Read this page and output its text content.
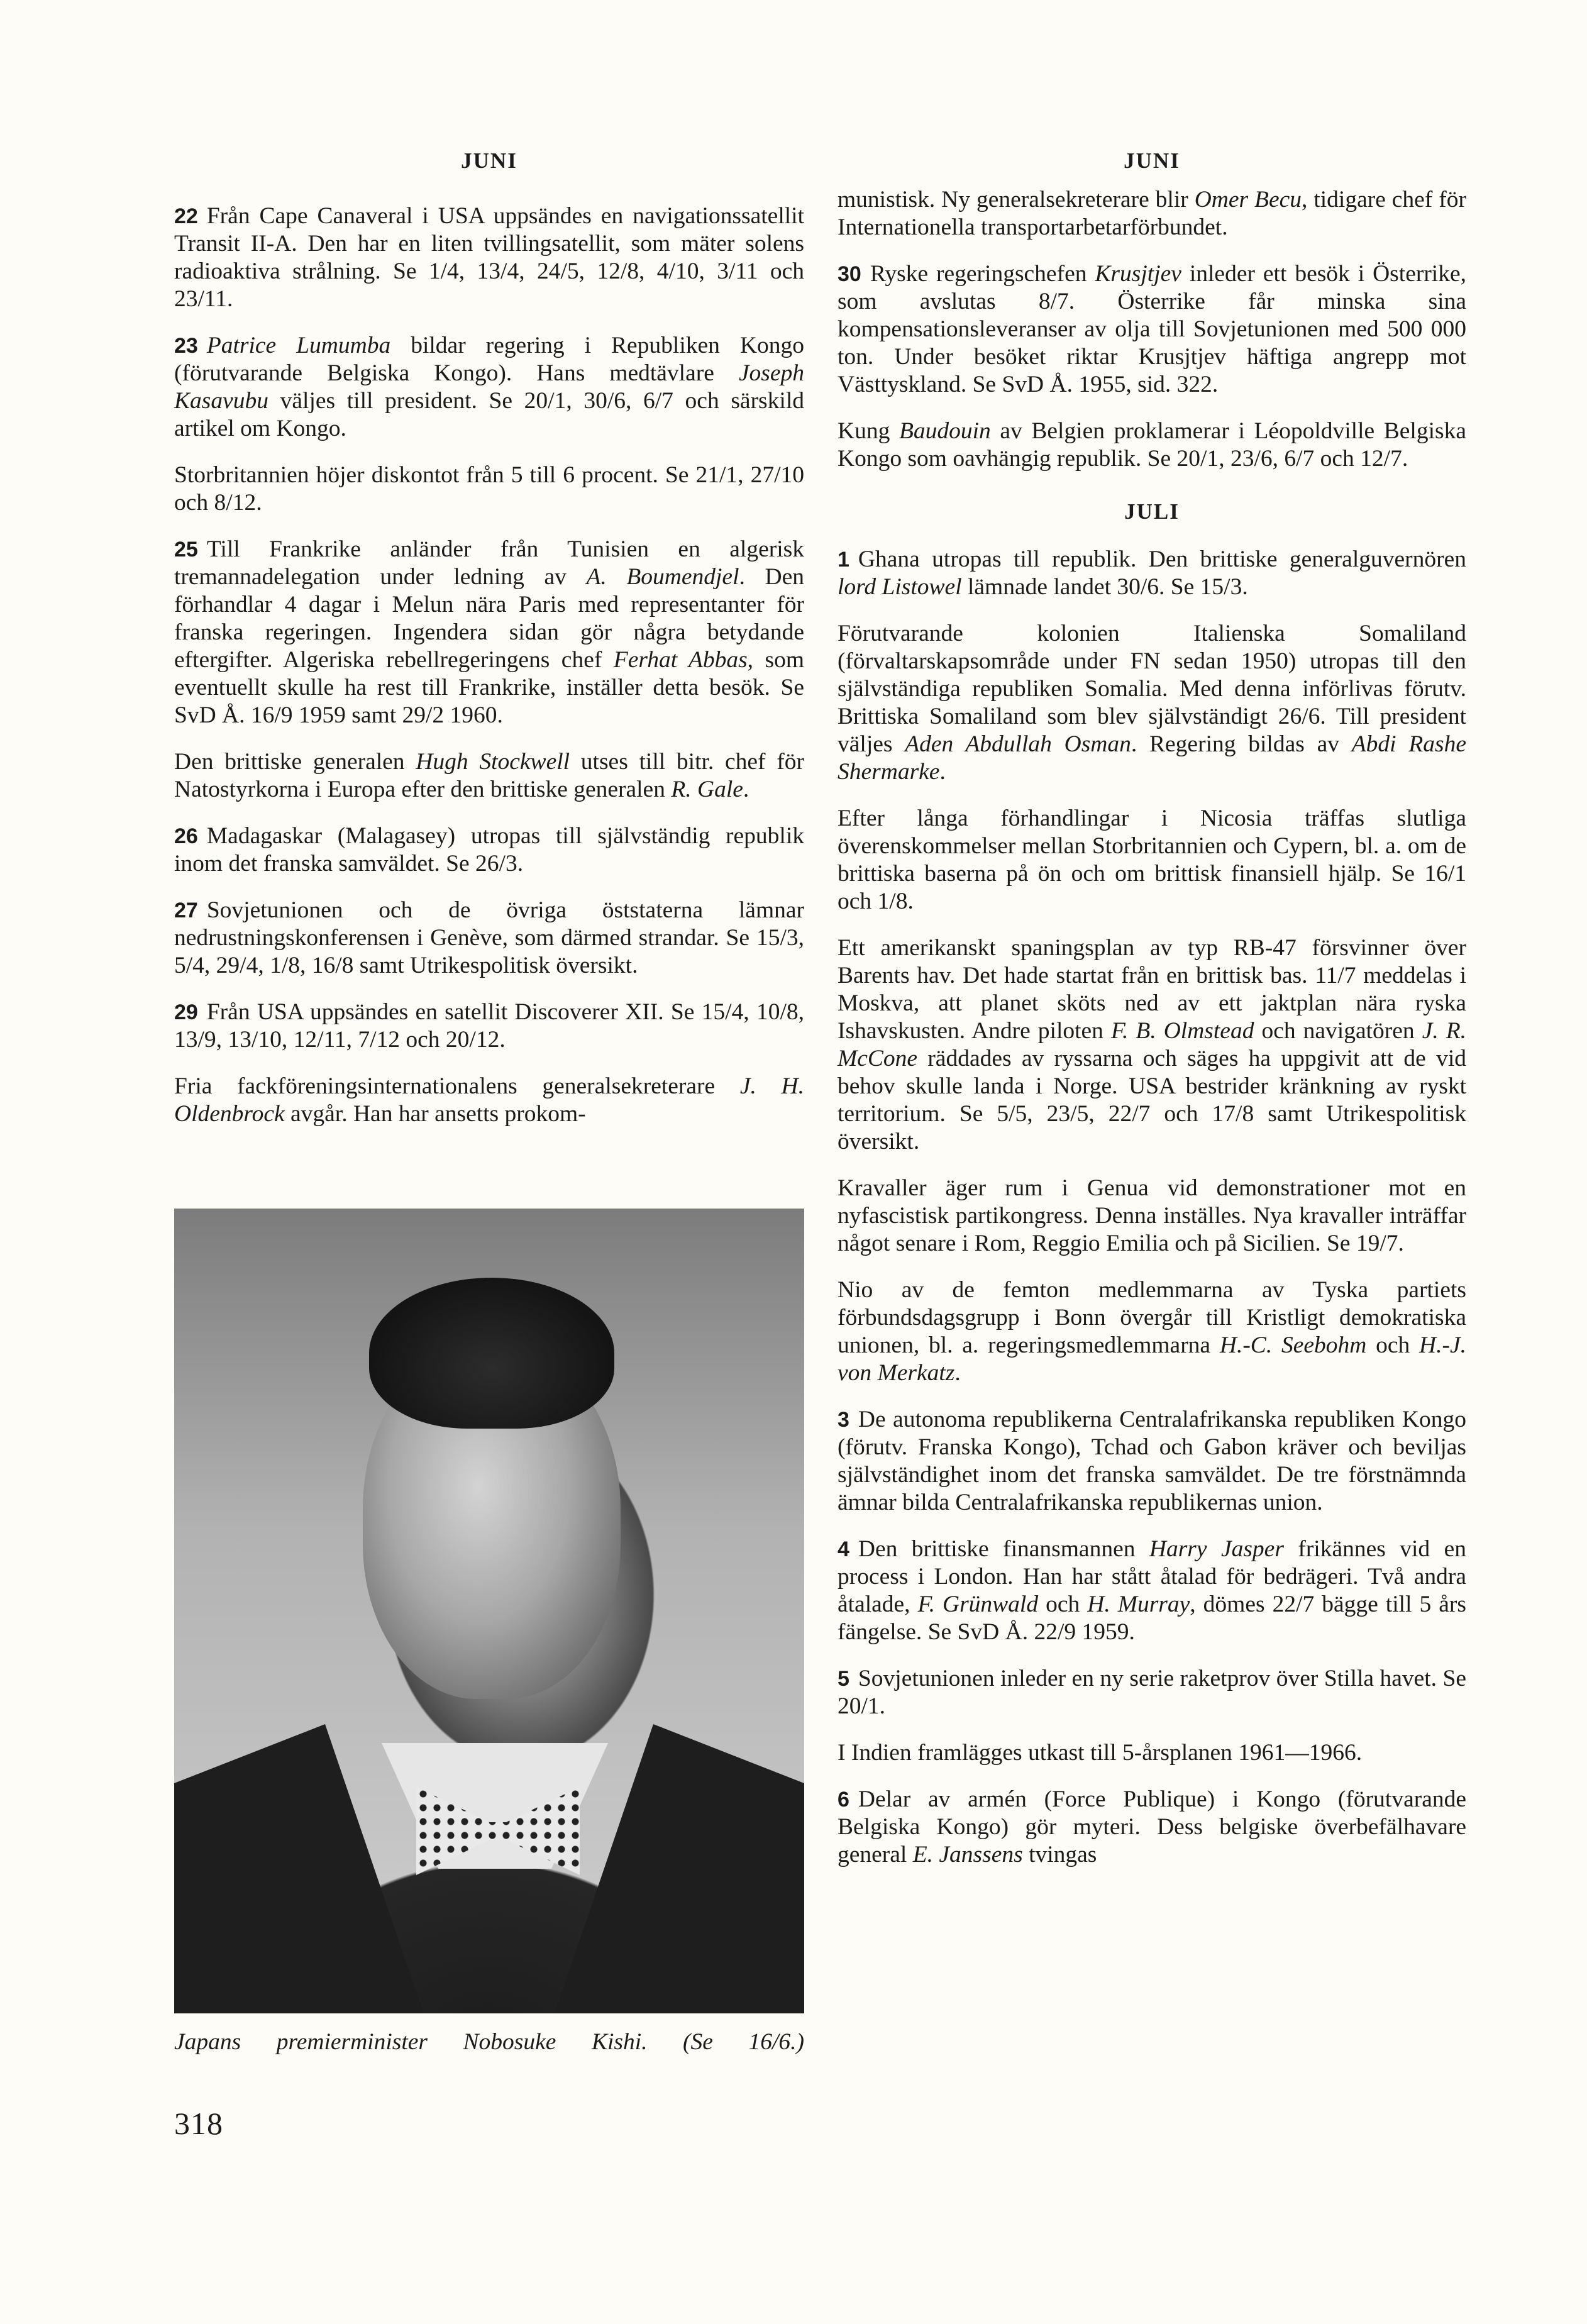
JUNI

22 Från Cape Canaveral i USA uppsändes en navigationssatellit Transit II-A. Den har en liten tvillingsatellit, som mäter solens radioaktiva strålning. Se 1/4, 13/4, 24/5, 12/8, 4/10, 3/11 och 23/11.

23 Patrice Lumumba bildar regering i Republiken Kongo (förutvarande Belgiska Kongo). Hans medtävlare Joseph Kasavubu väljes till president. Se 20/1, 30/6, 6/7 och särskild artikel om Kongo.

Storbritannien höjer diskontot från 5 till 6 procent. Se 21/1, 27/10 och 8/12.

25 Till Frankrike anländer från Tunisien en algerisk tremannadelegation under ledning av A. Boumendjel. Den förhandlar 4 dagar i Melun nära Paris med representanter för franska regeringen. Ingendera sidan gör några betydande eftergifter. Algeriska rebellregeringens chef Ferhat Abbas, som eventuellt skulle ha rest till Frankrike, inställer detta besök. Se SvD Å. 16/9 1959 samt 29/2 1960.

Den brittiske generalen Hugh Stockwell utses till bitr. chef för Natostyrkorna i Europa efter den brittiske generalen R. Gale.

26 Madagaskar (Malagasey) utropas till självständig republik inom det franska samväldet. Se 26/3.

27 Sovjetunionen och de övriga öststaterna lämnar nedrustningskonferensen i Genève, som därmed strandar. Se 15/3, 5/4, 29/4, 1/8, 16/8 samt Utrikespolitisk översikt.

29 Från USA uppsändes en satellit Discoverer XII. Se 15/4, 10/8, 13/9, 13/10, 12/11, 7/12 och 20/12.

Fria fackföreningsinternationalens generalsekreterare J. H. Oldenbrock avgår. Han har ansetts prokom-

Japans premierminister Nobosuke Kishi. (Se 16/6.)
JUNI

munistisk. Ny generalsekreterare blir Omer Becu, tidigare chef för Internationella transportarbetarförbundet.

30 Ryske regeringschefen Krusjtjev inleder ett besök i Österrike, som avslutas 8/7. Österrike får minska sina kompensationsleveranser av olja till Sovjetunionen med 500 000 ton. Under besöket riktar Krusjtjev häftiga angrepp mot Västtyskland. Se SvD Å. 1955, sid. 322.

Kung Baudouin av Belgien proklamerar i Léopoldville Belgiska Kongo som oavhängig republik. Se 20/1, 23/6, 6/7 och 12/7.

JULI

1 Ghana utropas till republik. Den brittiske generalguvernören lord Listowel lämnade landet 30/6. Se 15/3.

Förutvarande kolonien Italienska Somaliland (förvaltarskapsområde under FN sedan 1950) utropas till den självständiga republiken Somalia. Med denna införlivas förutv. Brittiska Somaliland som blev självständigt 26/6. Till president väljes Aden Abdullah Osman. Regering bildas av Abdi Rashe Shermarke.

Efter långa förhandlingar i Nicosia träffas slutliga överenskommelser mellan Storbritannien och Cypern, bl. a. om de brittiska baserna på ön och om brittisk finansiell hjälp. Se 16/1 och 1/8.

Ett amerikanskt spaningsplan av typ RB-47 försvinner över Barents hav. Det hade startat från en brittisk bas. 11/7 meddelas i Moskva, att planet sköts ned av ett jaktplan nära ryska Ishavskusten. Andre piloten F. B. Olmstead och navigatören J. R. McCone räddades av ryssarna och säges ha uppgivit att de vid behov skulle landa i Norge. USA bestrider kränkning av ryskt territorium. Se 5/5, 23/5, 22/7 och 17/8 samt Utrikespolitisk översikt.

Kravaller äger rum i Genua vid demonstrationer mot en nyfascistisk partikongress. Denna inställes. Nya kravaller inträffar något senare i Rom, Reggio Emilia och på Sicilien. Se 19/7.

Nio av de femton medlemmarna av Tyska partiets förbundsdagsgrupp i Bonn övergår till Kristligt demokratiska unionen, bl. a. regeringsmedlemmarna H.-C. Seebohm och H.-J. von Merkatz.

3 De autonoma republikerna Centralafrikanska republiken Kongo (förutv. Franska Kongo), Tchad och Gabon kräver och beviljas självständighet inom det franska samväldet. De tre förstnämnda ämnar bilda Centralafrikanska republikernas union.

4 Den brittiske finansmannen Harry Jasper frikännes vid en process i London. Han har stått åtalad för bedrägeri. Två andra åtalade, F. Grünwald och H. Murray, dömes 22/7 bägge till 5 års fängelse. Se SvD Å. 22/9 1959.

5 Sovjetunionen inleder en ny serie raketprov över Stilla havet. Se 20/1.

I Indien framlägges utkast till 5-årsplanen 1961—1966.

6 Delar av armén (Force Publique) i Kongo (förutvarande Belgiska Kongo) gör myteri. Dess belgiske överbefälhavare general E. Janssens tvingas

318
